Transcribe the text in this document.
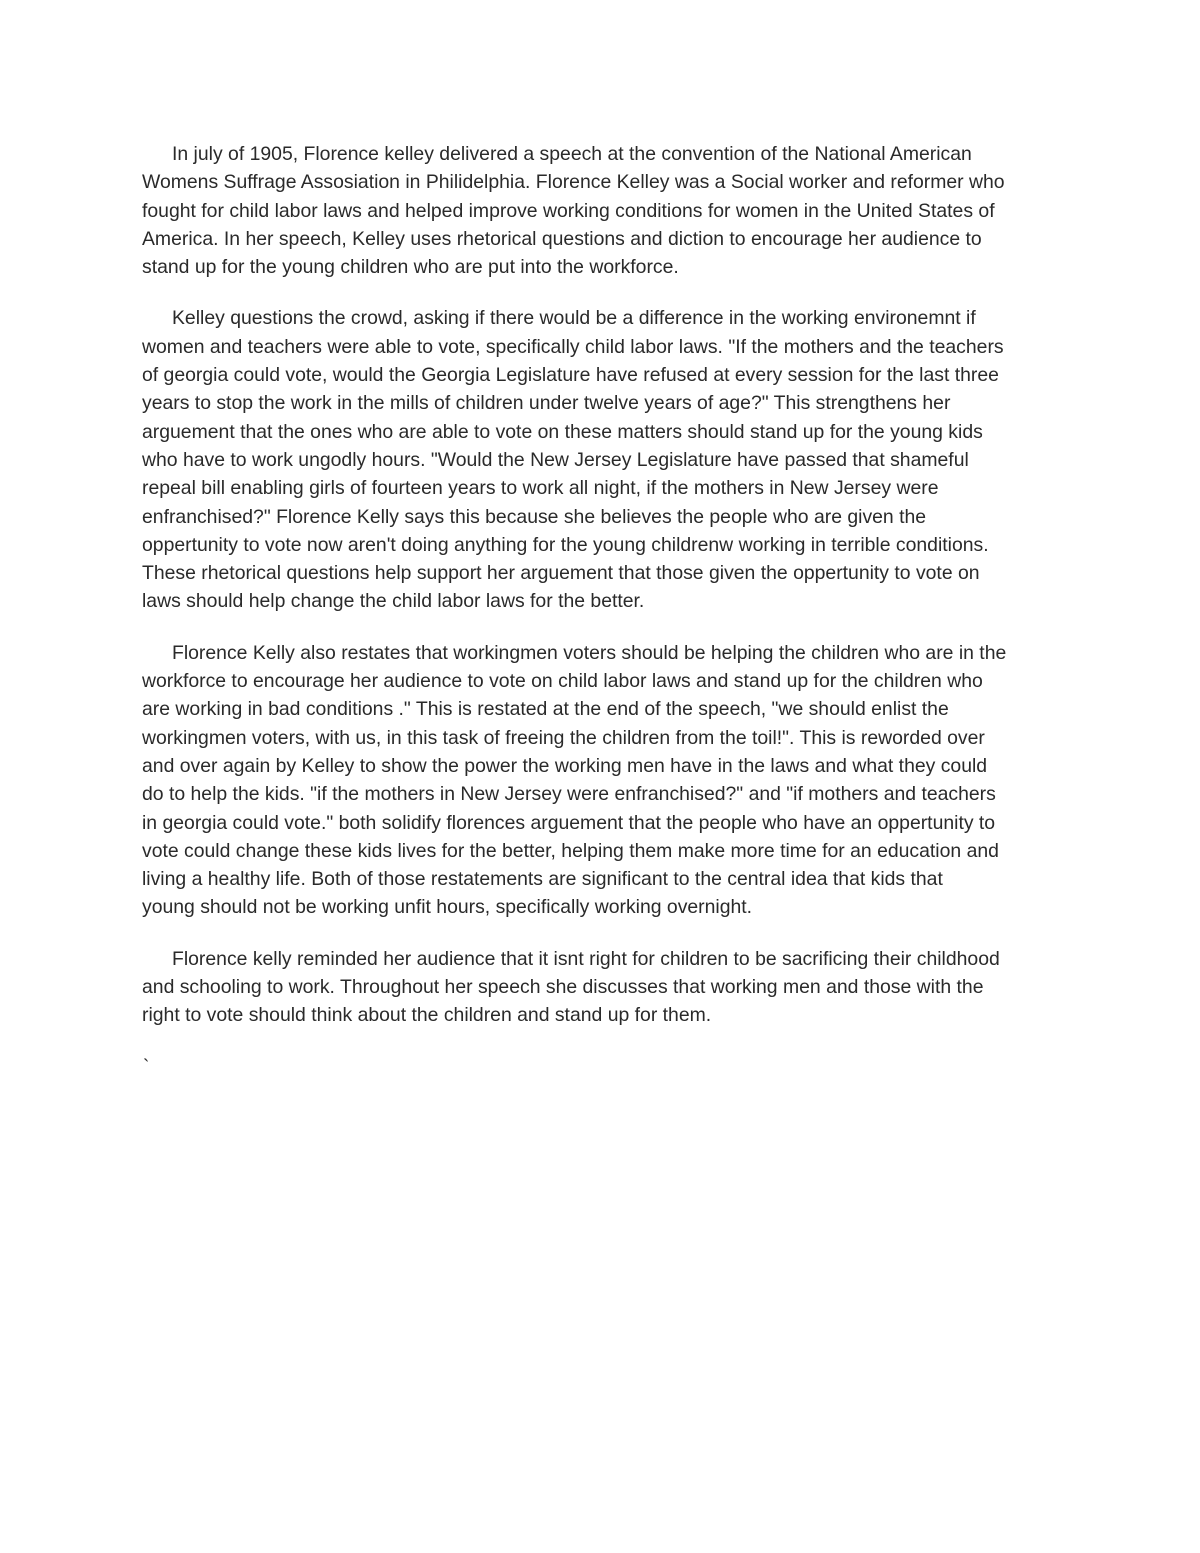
In july of 1905, Florence kelley delivered a speech at the convention of the National American
Womens Suffrage Assosiation in Philidelphia. Florence Kelley was a Social worker and reformer who
fought for child labor laws and helped improve working conditions for women in the United States of
America. In her speech, Kelley uses rhetorical questions and diction to encourage her audience to
stand up for the young children who are put into the workforce.

Kelley questions the crowd, asking if there would be a difference in the working environemnt if
women and teachers were able to vote, specifically child labor laws. "If the mothers and the teachers
of georgia could vote, would the Georgia Legislature have refused at every session for the last three
years to stop the work in the mills of children under twelve years of age?" This strengthens her
arguement that the ones who are able to vote on these matters should stand up for the young kids
who have to work ungodly hours. "Would the New Jersey Legislature have passed that shameful
repeal bill enabling girls of fourteen years to work all night, if the mothers in New Jersey were
enfranchised?" Florence Kelly says this because she believes the people who are given the
oppertunity to vote now aren't doing anything for the young childrenw working in terrible conditions.
These rhetorical questions help support her arguement that those given the oppertunity to vote on
laws should help change the child labor laws for the better.

Florence Kelly also restates that workingmen voters should be helping the children who are in the
workforce to encourage her audience to vote on child labor laws and stand up for the children who
are working in bad conditions ." This is restated at the end of the speech, "we should enlist the
workingmen voters, with us, in this task of freeing the children from the toil!". This is reworded over
and over again by Kelley to show the power the working men have in the laws and what they could
do to help the kids. "if the mothers in New Jersey were enfranchised?" and "if mothers and teachers
in georgia could vote." both solidify florences arguement that the people who have an oppertunity to
vote could change these kids lives for the better, helping them make more time for an education and
living a healthy life. Both of those restatements are significant to the central idea that kids that
young should not be working unfit hours, specifically working overnight.

Florence kelly reminded her audience that it isnt right for children to be sacrificing their childhood
and schooling to work. Throughout her speech she discusses that working men and those with the
right to vote should think about the children and stand up for them.

`
